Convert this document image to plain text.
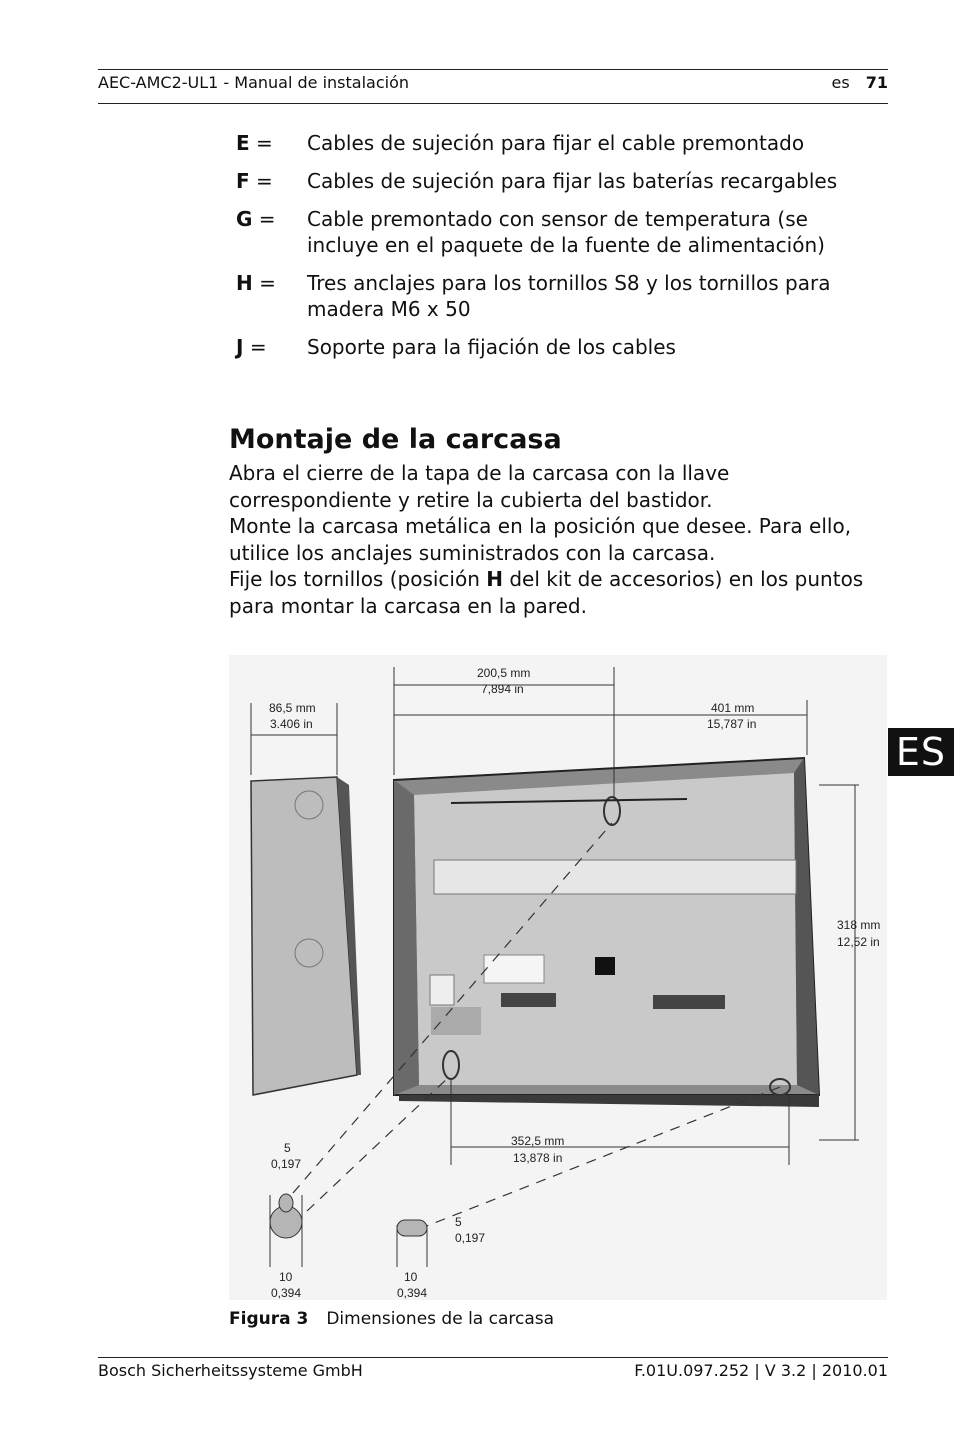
AEC-AMC2-UL1 - Manual de instalación	es 71
E =	Cables de sujeción para fijar el cable premontado
F =	Cables de sujeción para fijar las baterías recargables
G =	Cable premontado con sensor de temperatura (se incluye en el paquete de la fuente de alimentación)
H =	Tres anclajes para los tornillos S8 y los tornillos para madera M6 x 50
J =	Soporte para la fijación de los cables
Montaje de la carcasa

Abra el cierre de la tapa de la carcasa con la llave correspondiente y retire la cubierta del bastidor.

Monte la carcasa metálica en la posición que desee. Para ello, utilice los anclajes suministrados con la carcasa.

Fije los tornillos (posición H del kit de accesorios) en los puntos para montar la carcasa en la pared.

86,5 mm
3.406 in
200,5 mm
7,894 in
401 mm
15,787 in
318 mm
12,52 in
352,5 mm
13,878 in
5
0,197
10
0,394
5
0,197
10
0,394
Figura 3 Dimensiones de la carcasa
ES
Bosch Sicherheitssysteme GmbH	F.01U.097.252 | V 3.2 | 2010.01
